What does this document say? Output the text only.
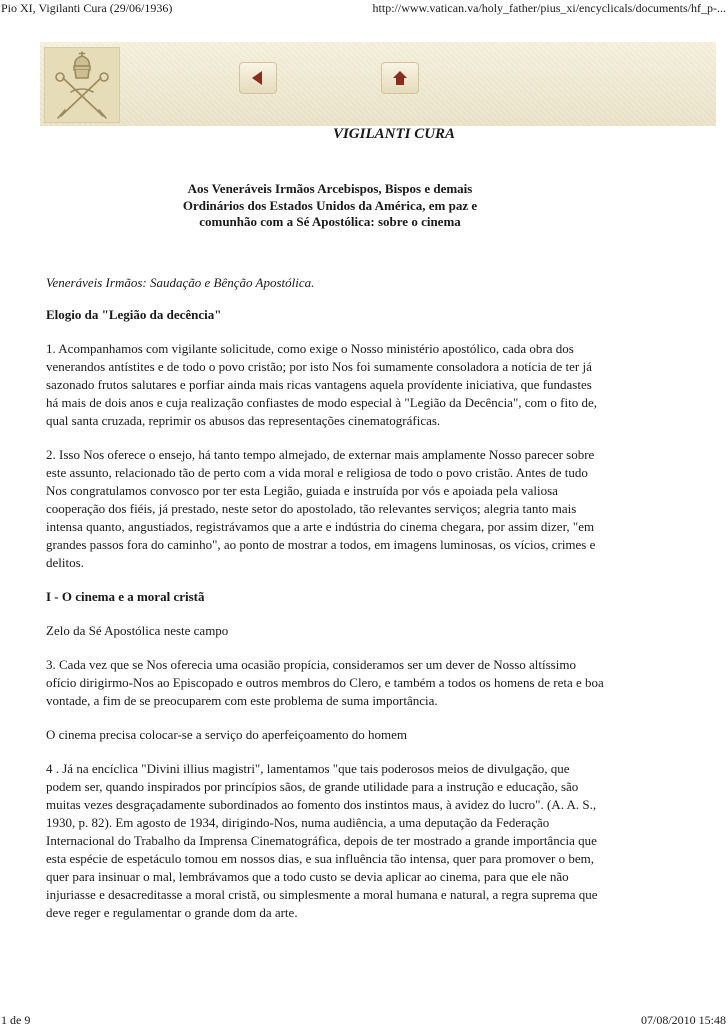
Pio XI, Vigilanti Cura (29/06/1936)	http://www.vatican.va/holy_father/pius_xi/encyclicals/documents/hf_p-...
VIGILANTI CURA
Aos Veneráveis Irmãos Arcebispos, Bispos e demais Ordinários dos Estados Unidos da América, em paz e comunhão com a Sé Apostólica: sobre o cinema

Veneráveis Irmãos: Saudação e Bênção Apostólica.

Elogio da "Legião da decência"

1. Acompanhamos com vigilante solicitude, como exige o Nosso ministério apostólico, cada obra dos venerandos antístites e de todo o povo cristão; por isto Nos foi sumamente consoladora a notícia de ter já sazonado frutos salutares e porfiar ainda mais ricas vantagens aquela provídente iniciativa, que fundastes há mais de dois anos e cuja realização confiastes de modo especial à "Legião da Decência", com o fito de, qual santa cruzada, reprimir os abusos das representações cinematográficas.

2. Isso Nos oferece o ensejo, há tanto tempo almejado, de externar mais amplamente Nosso parecer sobre este assunto, relacionado tão de perto com a vida moral e religiosa de todo o povo cristão. Antes de tudo Nos congratulamos convosco por ter esta Legião, guiada e instruída por vós e apoiada pela valiosa cooperação dos fiéis, já prestado, neste setor do apostolado, tão relevantes serviços; alegria tanto mais intensa quanto, angustiados, registrávamos que a arte e indústria do cinema chegara, por assim dizer, "em grandes passos fora do caminho", ao ponto de mostrar a todos, em imagens luminosas, os vícios, crimes e delitos.

I - O cinema e a moral cristã

Zelo da Sé Apostólica neste campo

3. Cada vez que se Nos oferecia uma ocasião propícia, consideramos ser um dever de Nosso altíssimo ofício dirigirmo-Nos ao Episcopado e outros membros do Clero, e também a todos os homens de reta e boa vontade, a fim de se preocuparem com este problema de suma importância.

O cinema precisa colocar-se a serviço do aperfeiçoamento do homem

4 . Já na encíclica "Divini illius magistri", lamentamos "que tais poderosos meios de divulgação, que podem ser, quando inspirados por princípios sãos, de grande utilidade para a instrução e educação, são muitas vezes desgraçadamente subordinados ao fomento dos instintos maus, à avidez do lucro". (A. A. S., 1930, p. 82). Em agosto de 1934, dirigindo-Nos, numa audiência, a uma deputação da Federação Internacional do Trabalho da Imprensa Cinematográfica, depois de ter mostrado a grande importância que esta espécie de espetáculo tomou em nossos dias, e sua influência tão intensa, quer para promover o bem, quer para insinuar o mal, lembrávamos que a todo custo se devia aplicar ao cinema, para que ele não injuriasse e desacreditasse a moral cristã, ou simplesmente a moral humana e natural, a regra suprema que deve reger e regulamentar o grande dom da arte.

1 de 9	07/08/2010 15:48
